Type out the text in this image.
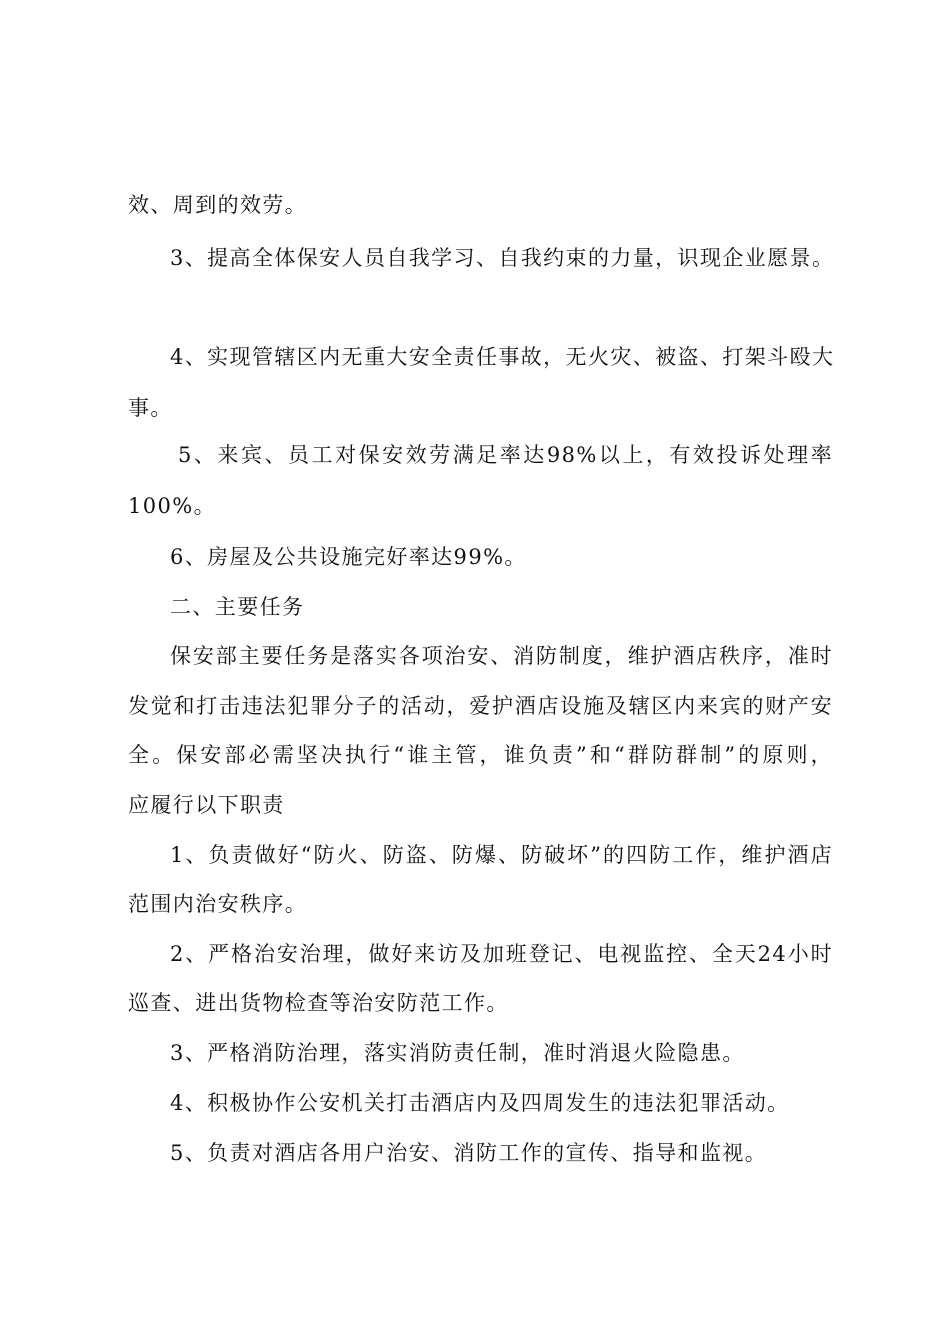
效、周到的效劳。
3、提高全体保安人员自我学习、自我约束的力量，识现企业愿景。
4、实现管辖区内无重大安全责任事故，无火灾、被盗、打架斗殴大
事。
5、来宾、员工对保安效劳满足率达98%以上，有效投诉处理率
100%。
6、房屋及公共设施完好率达99%。
二、主要任务
保安部主要任务是落实各项治安、消防制度，维护酒店秩序，准时
发觉和打击违法犯罪分子的活动，爱护酒店设施及辖区内来宾的财产安
全。保安部必需坚决执行“谁主管，谁负责”和“群防群制”的原则，
应履行以下职责
1、负责做好“防火、防盗、防爆、防破坏”的四防工作，维护酒店
范围内治安秩序。
2、严格治安治理，做好来访及加班登记、电视监控、全天24小时
巡查、进出货物检查等治安防范工作。
3、严格消防治理，落实消防责任制，准时消退火险隐患。
4、积极协作公安机关打击酒店内及四周发生的违法犯罪活动。
5、负责对酒店各用户治安、消防工作的宣传、指导和监视。
